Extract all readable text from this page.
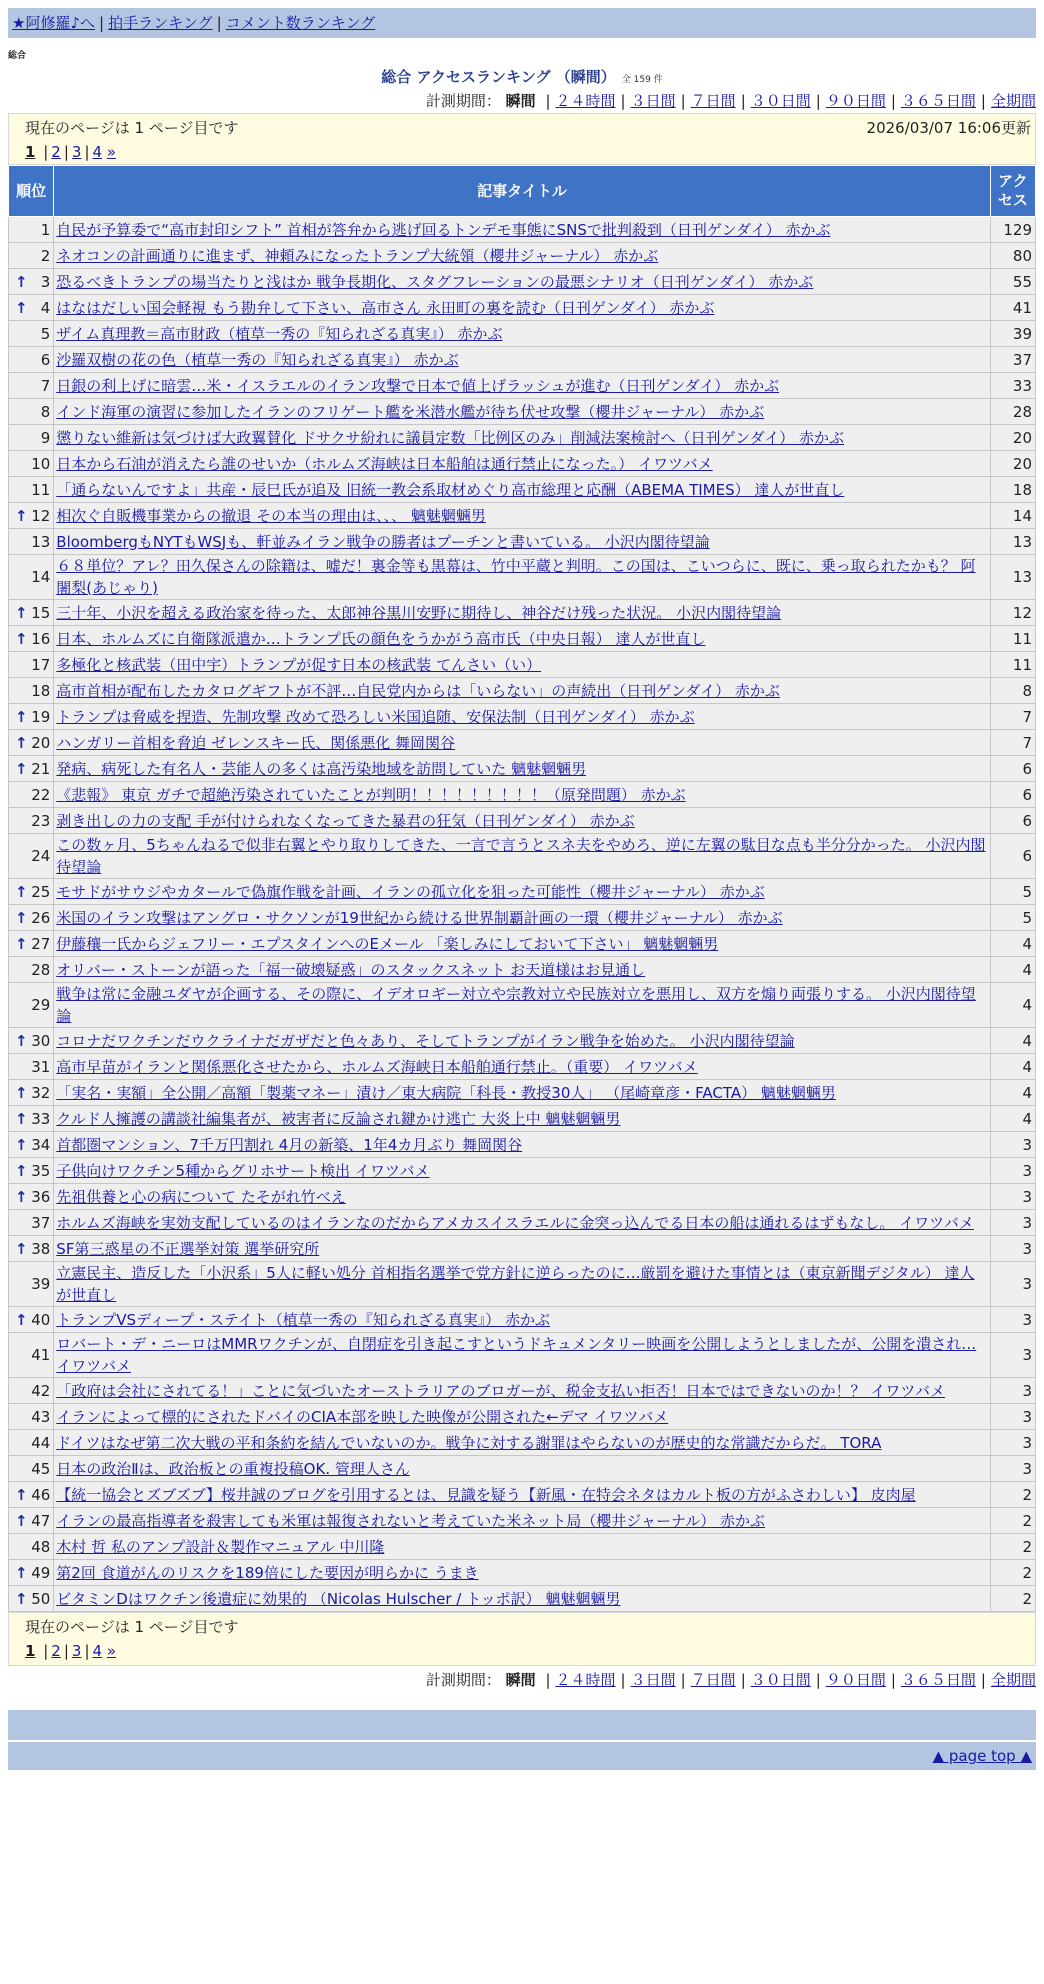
★阿修羅♪へ | 拍手ランキング | コメント数ランキング
総合
総合 アクセスランキング （瞬間） 全 159 件
計測期間： 瞬間 | ２４時間 | ３日間 | ７日間 | ３０日間 | ９０日間 | ３６５日間 | 全期間
現在のページは 1 ページ目です	2026/03/07 16:06更新
1 | 2 | 3 | 4 »
順位	記事タイトル	アクセス
1	自民が予算委で“高市封印シフト” 首相が答弁から逃げ回るトンデモ事態にSNSで批判殺到（日刊ゲンダイ） 赤かぶ	129
2	ネオコンの計画通りに進まず、神頼みになったトランプ大統領（櫻井ジャーナル） 赤かぶ	80

↑ 3	恐るべきトランプの場当たりと浅はか 戦争長期化、スタグフレーションの最悪シナリオ（日刊ゲンダイ） 赤かぶ	55

↑ 4	はなはだしい国会軽視 もう勘弁して下さい、高市さん 永田町の裏を読む（日刊ゲンダイ） 赤かぶ	41
5	ザイム真理教＝高市財政（植草一秀の『知られざる真実』） 赤かぶ	39
6	沙羅双樹の花の色（植草一秀の『知られざる真実』） 赤かぶ	37
7	日銀の利上げに暗雲…米・イスラエルのイラン攻撃で日本で値上げラッシュが進む（日刊ゲンダイ） 赤かぶ	33
8	インド海軍の演習に参加したイランのフリゲート艦を米潜水艦が待ち伏せ攻撃（櫻井ジャーナル） 赤かぶ	28
9	懲りない維新は気づけば大政翼賛化 ドサクサ紛れに議員定数「比例区のみ」削減法案検討へ（日刊ゲンダイ） 赤かぶ	20
10	日本から石油が消えたら誰のせいか（ホルムズ海峡は日本船舶は通行禁止になった。） イワツバメ	20
11	「通らないんですよ」共産・辰巳氏が追及 旧統一教会系取材めぐり高市総理と応酬（ABEMA TIMES） 達人が世直し	18

↑ 12	相次ぐ自販機事業からの撤退 その本当の理由は、、、 魑魅魍魎男	14
13	BloombergもNYTもWSJも、軒並みイラン戦争の勝者はプーチンと書いている。 小沢内閣待望論	13
14	６８単位？アレ？田久保さんの除籍は、嘘だ！裏金等も黒幕は、竹中平蔵と判明。この国は、こいつらに、既に、乗っ取られたかも？ 阿闍梨(あじゃり)	13

↑ 15	三十年、小沢を超える政治家を待った、太郎神谷黒川安野に期待し、神谷だけ残った状況。 小沢内閣待望論	12

↑ 16	日本、ホルムズに自衛隊派遣か…トランプ氏の顔色をうかがう高市氏（中央日報） 達人が世直し	11
17	多極化と核武装（田中宇）トランプが促す日本の核武装 てんさい（い）	11
18	高市首相が配布したカタログギフトが不評…自民党内からは「いらない」の声続出（日刊ゲンダイ） 赤かぶ	8

↑ 19	トランプは脅威を捏造、先制攻撃 改めて恐ろしい米国追随、安保法制（日刊ゲンダイ） 赤かぶ	7

↑ 20	ハンガリー首相を脅迫 ゼレンスキー氏、関係悪化 舞岡関谷	7

↑ 21	発病、病死した有名人・芸能人の多くは高汚染地域を訪問していた 魑魅魍魎男	6
22	《悲報》 東京 ガチで超絶汚染されていたことが判明！！！！！！！！！（原発問題） 赤かぶ	6
23	剥き出しの力の支配 手が付けられなくなってきた暴君の狂気（日刊ゲンダイ） 赤かぶ	6
24	この数ヶ月、5ちゃんねるで似非右翼とやり取りしてきた、一言で言うとスネ夫をやめろ、逆に左翼の駄目な点も半分分かった。 小沢内閣待望論	6

↑ 25	モサドがサウジやカタールで偽旗作戦を計画、イランの孤立化を狙った可能性（櫻井ジャーナル） 赤かぶ	5

↑ 26	米国のイラン攻撃はアングロ・サクソンが19世紀から続ける世界制覇計画の一環（櫻井ジャーナル） 赤かぶ	5

↑ 27	伊藤穰一氏からジェフリー・エプスタインへのEメール 「楽しみにしておいて下さい」 魑魅魍魎男	4
28	オリバー・ストーンが語った「福一破壊疑惑」のスタックスネット お天道様はお見通し	4
29	戦争は常に金融ユダヤが企画する、その際に、イデオロギー対立や宗教対立や民族対立を悪用し、双方を煽り両張りする。 小沢内閣待望論	4

↑ 30	コロナだワクチンだウクライナだガザだと色々あり、そしてトランプがイラン戦争を始めた。 小沢内閣待望論	4
31	高市早苗がイランと関係悪化させたから、ホルムズ海峡日本船舶通行禁止。（重要） イワツバメ	4

↑ 32	「実名・実額」全公開／高額「製薬マネー」漬け／東大病院「科長・教授30人」 （尾崎章彦・FACTA） 魑魅魍魎男	4

↑ 33	クルド人擁護の講談社編集者が、被害者に反論され鍵かけ逃亡 大炎上中 魑魅魍魎男	4

↑ 34	首都圏マンション、7千万円割れ 4月の新築、1年4カ月ぶり 舞岡関谷	3

↑ 35	子供向けワクチン5種からグリホサート検出 イワツバメ	3

↑ 36	先祖供養と心の病について たそがれ竹べえ	3
37	ホルムズ海峡を実効支配しているのはイランなのだからアメカスイスラエルに金突っ込んでる日本の船は通れるはずもなし。 イワツバメ	3

↑ 38	SF第三惑星の不正選挙対策 選挙研究所	3
39	立憲民主、造反した「小沢系」5人に軽い処分 首相指名選挙で党方針に逆らったのに…厳罰を避けた事情とは（東京新聞デジタル） 達人が世直し	3

↑ 40	トランプVSディープ・ステイト（植草一秀の『知られざる真実』） 赤かぶ	3
41	ロバート・デ・ニーロはMMRワクチンが、自閉症を引き起こすというドキュメンタリー映画を公開しようとしましたが、公開を潰され… イワツバメ	3
42	「政府は会社にされてる！」ことに気づいたオーストラリアのブロガーが、税金支払い拒否！日本ではできないのか！？ イワツバメ	3
43	イランによって標的にされたドバイのCIA本部を映した映像が公開された←デマ イワツバメ	3
44	ドイツはなぜ第二次大戦の平和条約を結んでいないのか。戦争に対する謝罪はやらないのが歴史的な常識だからだ。 TORA	3
45	日本の政治Ⅱは、政治板との重複投稿OK. 管理人さん	3

↑ 46	【統一協会とズブズブ】桜井誠のブログを引用するとは、見識を疑う【新風・在特会ネタはカルト板の方がふさわしい】 皮肉屋	2

↑ 47	イランの最高指導者を殺害しても米軍は報復されないと考えていた米ネット局（櫻井ジャーナル） 赤かぶ	2
48	木村 哲 私のアンプ設計＆製作マニュアル 中川隆	2

↑ 49	第2回 食道がんのリスクを189倍にした要因が明らかに うまき	2

↑ 50	ビタミンDはワクチン後遺症に効果的 （Nicolas Hulscher / トッポ訳） 魑魅魍魎男	2
現在のページは 1 ページ目です
1 | 2 | 3 | 4 »
計測期間： 瞬間 | ２４時間 | ３日間 | ７日間 | ３０日間 | ９０日間 | ３６５日間 | 全期間
▲ page top ▲
